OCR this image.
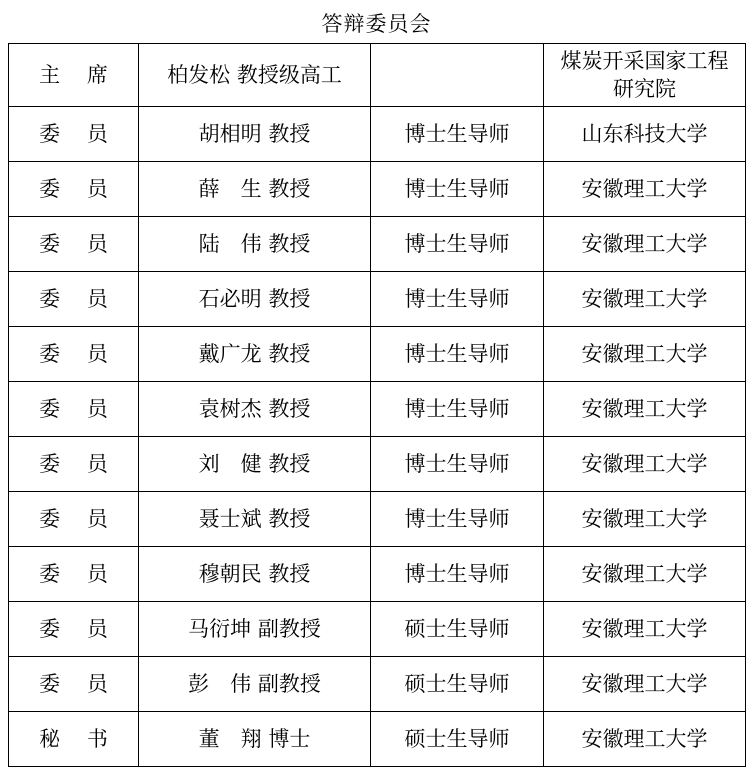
答辩委员会
主 席	柏发松 教授级高工		煤炭开采国家工程研究院
委 员	胡相明 教授	博士生导师	山东科技大学
委 员	薛　生 教授	博士生导师	安徽理工大学
委 员	陆　伟 教授	博士生导师	安徽理工大学
委 员	石必明 教授	博士生导师	安徽理工大学
委 员	戴广龙 教授	博士生导师	安徽理工大学
委 员	袁树杰 教授	博士生导师	安徽理工大学
委 员	刘　健 教授	博士生导师	安徽理工大学
委 员	聂士斌 教授	博士生导师	安徽理工大学
委 员	穆朝民 教授	博士生导师	安徽理工大学
委 员	马衍坤 副教授	硕士生导师	安徽理工大学
委 员	彭　伟 副教授	硕士生导师	安徽理工大学
秘 书	董　翔 博士	硕士生导师	安徽理工大学
